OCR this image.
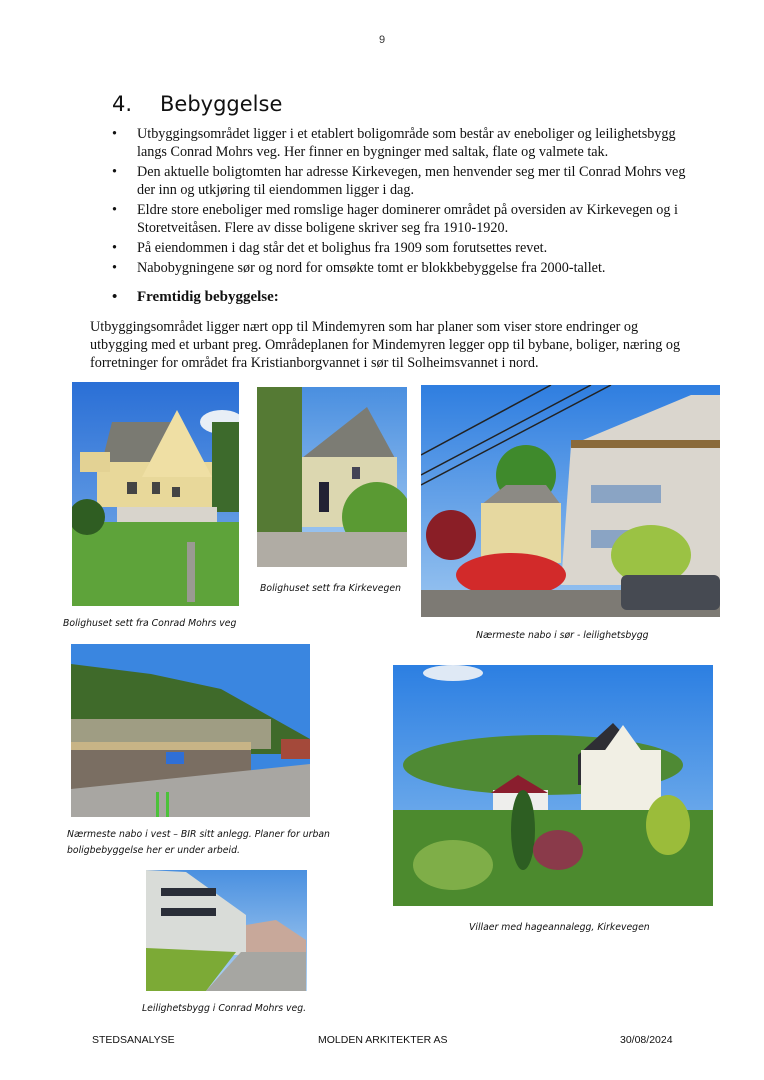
9
4.	Bebyggelse
• Utbyggingsområdet ligger i et etablert boligområde som består av eneboliger og leilighetsbygg langs Conrad Mohrs veg. Her finner en bygninger med saltak, flate og valmete tak.
• Den aktuelle boligtomten har adresse Kirkevegen, men henvender seg mer til Conrad Mohrs veg der inn og utkjøring til eiendommen ligger i dag.
• Eldre store eneboliger med romslige hager dominerer området på oversiden av Kirkevegen og i Storetveitåsen. Flere av disse boligene skriver seg fra 1910-1920.
• På eiendommen i dag står det et bolighus fra 1909 som forutsettes revet.
• Nabobygningene sør og nord for omsøkte tomt er blokkbebyggelse fra 2000-tallet.
• Fremtidig bebyggelse:
Utbyggingsområdet ligger nært opp til Mindemyren som har planer som viser store endringer og utbygging med et urbant preg. Områdeplanen for Mindemyren legger opp til bybane, boliger, næring og forretninger for området fra Kristianborgvannet i sør til Solheimsvannet i nord.
Bolighuset sett fra Conrad Mohrs veg
Bolighuset sett fra Kirkevegen
Nærmeste nabo i sør - leilighetsbygg
Nærmeste nabo i vest – BIR sitt anlegg. Planer for urban
boligbebyggelse her er under arbeid.
Villaer med hageannalegg, Kirkevegen
Leilighetsbygg i Conrad Mohrs veg.
STEDSANALYSE	MOLDEN ARKITEKTER AS	30/08/2024
